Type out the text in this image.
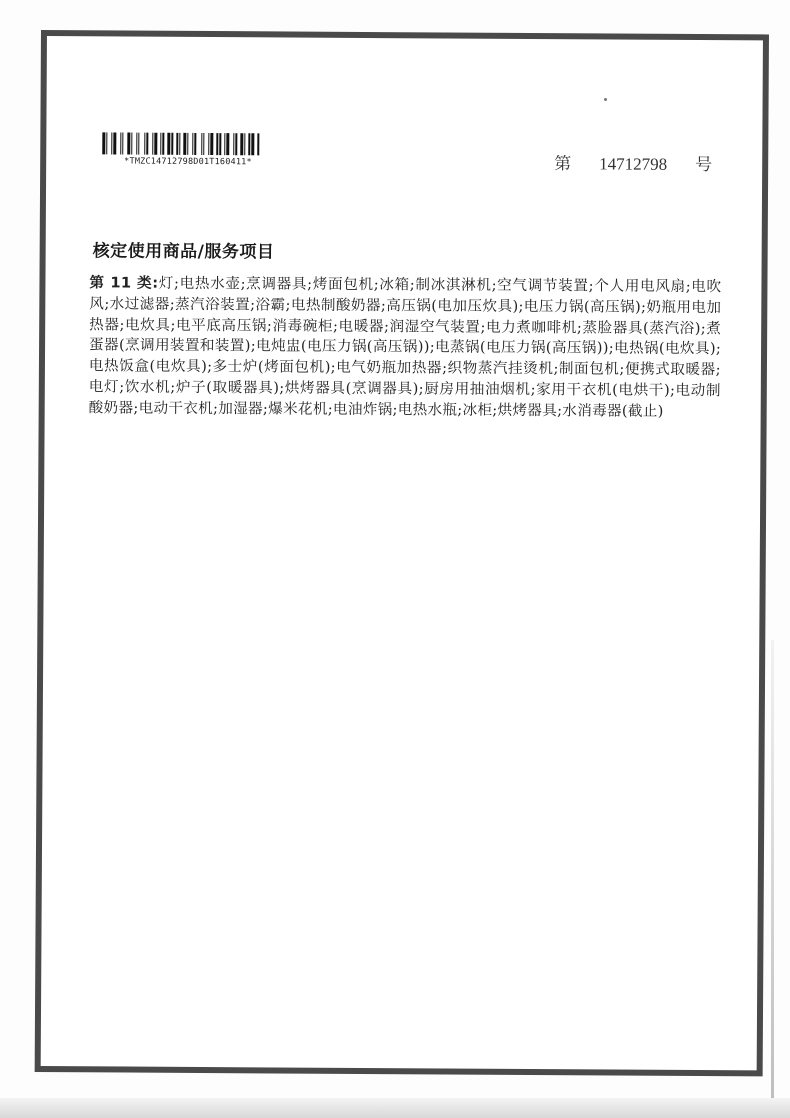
*TMZC14712798D01T160411*	第 14712798 号
核定使用商品/服务项目
第 11 类:灯;电热水壶;烹调器具;烤面包机;冰箱;制冰淇淋机;空气调节装置;个人用电风扇;电吹风;水过滤器;蒸汽浴装置;浴霸;电热制酸奶器;高压锅(电加压炊具);电压力锅(高压锅);奶瓶用电加热器;电炊具;电平底高压锅;消毒碗柜;电暖器;润湿空气装置;电力煮咖啡机;蒸脸器具(蒸汽浴);煮蛋器(烹调用装置和装置);电炖盅(电压力锅(高压锅));电蒸锅(电压力锅(高压锅));电热锅(电炊具);电热饭盒(电炊具);多士炉(烤面包机);电气奶瓶加热器;织物蒸汽挂烫机;制面包机;便携式取暖器;电灯;饮水机;炉子(取暖器具);烘烤器具(烹调器具);厨房用抽油烟机;家用干衣机(电烘干);电动制酸奶器;电动干衣机;加湿器;爆米花机;电油炸锅;电热水瓶;冰柜;烘烤器具;水消毒器(截止)
